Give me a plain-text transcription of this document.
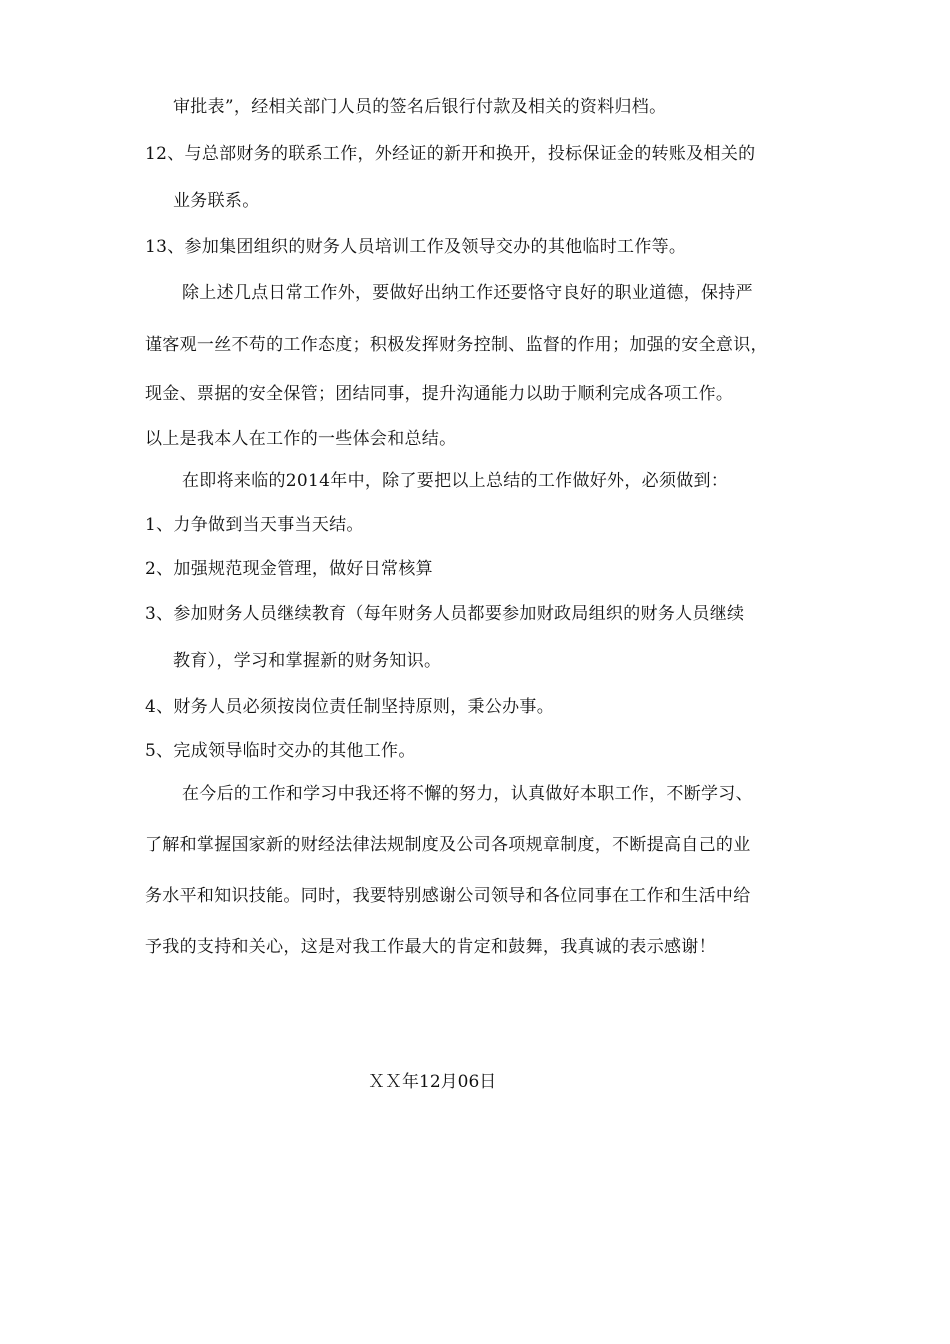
审批表”，经相关部门人员的签名后银行付款及相关的资料归档。
12、与总部财务的联系工作，外经证的新开和换开，投标保证金的转账及相关的
业务联系。
13、参加集团组织的财务人员培训工作及领导交办的其他临时工作等。
除上述几点日常工作外，要做好出纳工作还要恪守良好的职业道德，保持严
谨客观一丝不苟的工作态度；积极发挥财务控制、监督的作用；加强的安全意识，
现金、票据的安全保管；团结同事，提升沟通能力以助于顺利完成各项工作。
以上是我本人在工作的一些体会和总结。
在即将来临的2014年中，除了要把以上总结的工作做好外，必须做到：
1、力争做到当天事当天结。
2、加强规范现金管理，做好日常核算
3、参加财务人员继续教育（每年财务人员都要参加财政局组织的财务人员继续
教育），学习和掌握新的财务知识。
4、财务人员必须按岗位责任制坚持原则，秉公办事。
5、完成领导临时交办的其他工作。
在今后的工作和学习中我还将不懈的努力，认真做好本职工作，不断学习、
了解和掌握国家新的财经法律法规制度及公司各项规章制度，不断提高自己的业
务水平和知识技能。同时，我要特别感谢公司领导和各位同事在工作和生活中给
予我的支持和关心，这是对我工作最大的肯定和鼓舞，我真诚的表示感谢！
ＸＸ年12月06日
